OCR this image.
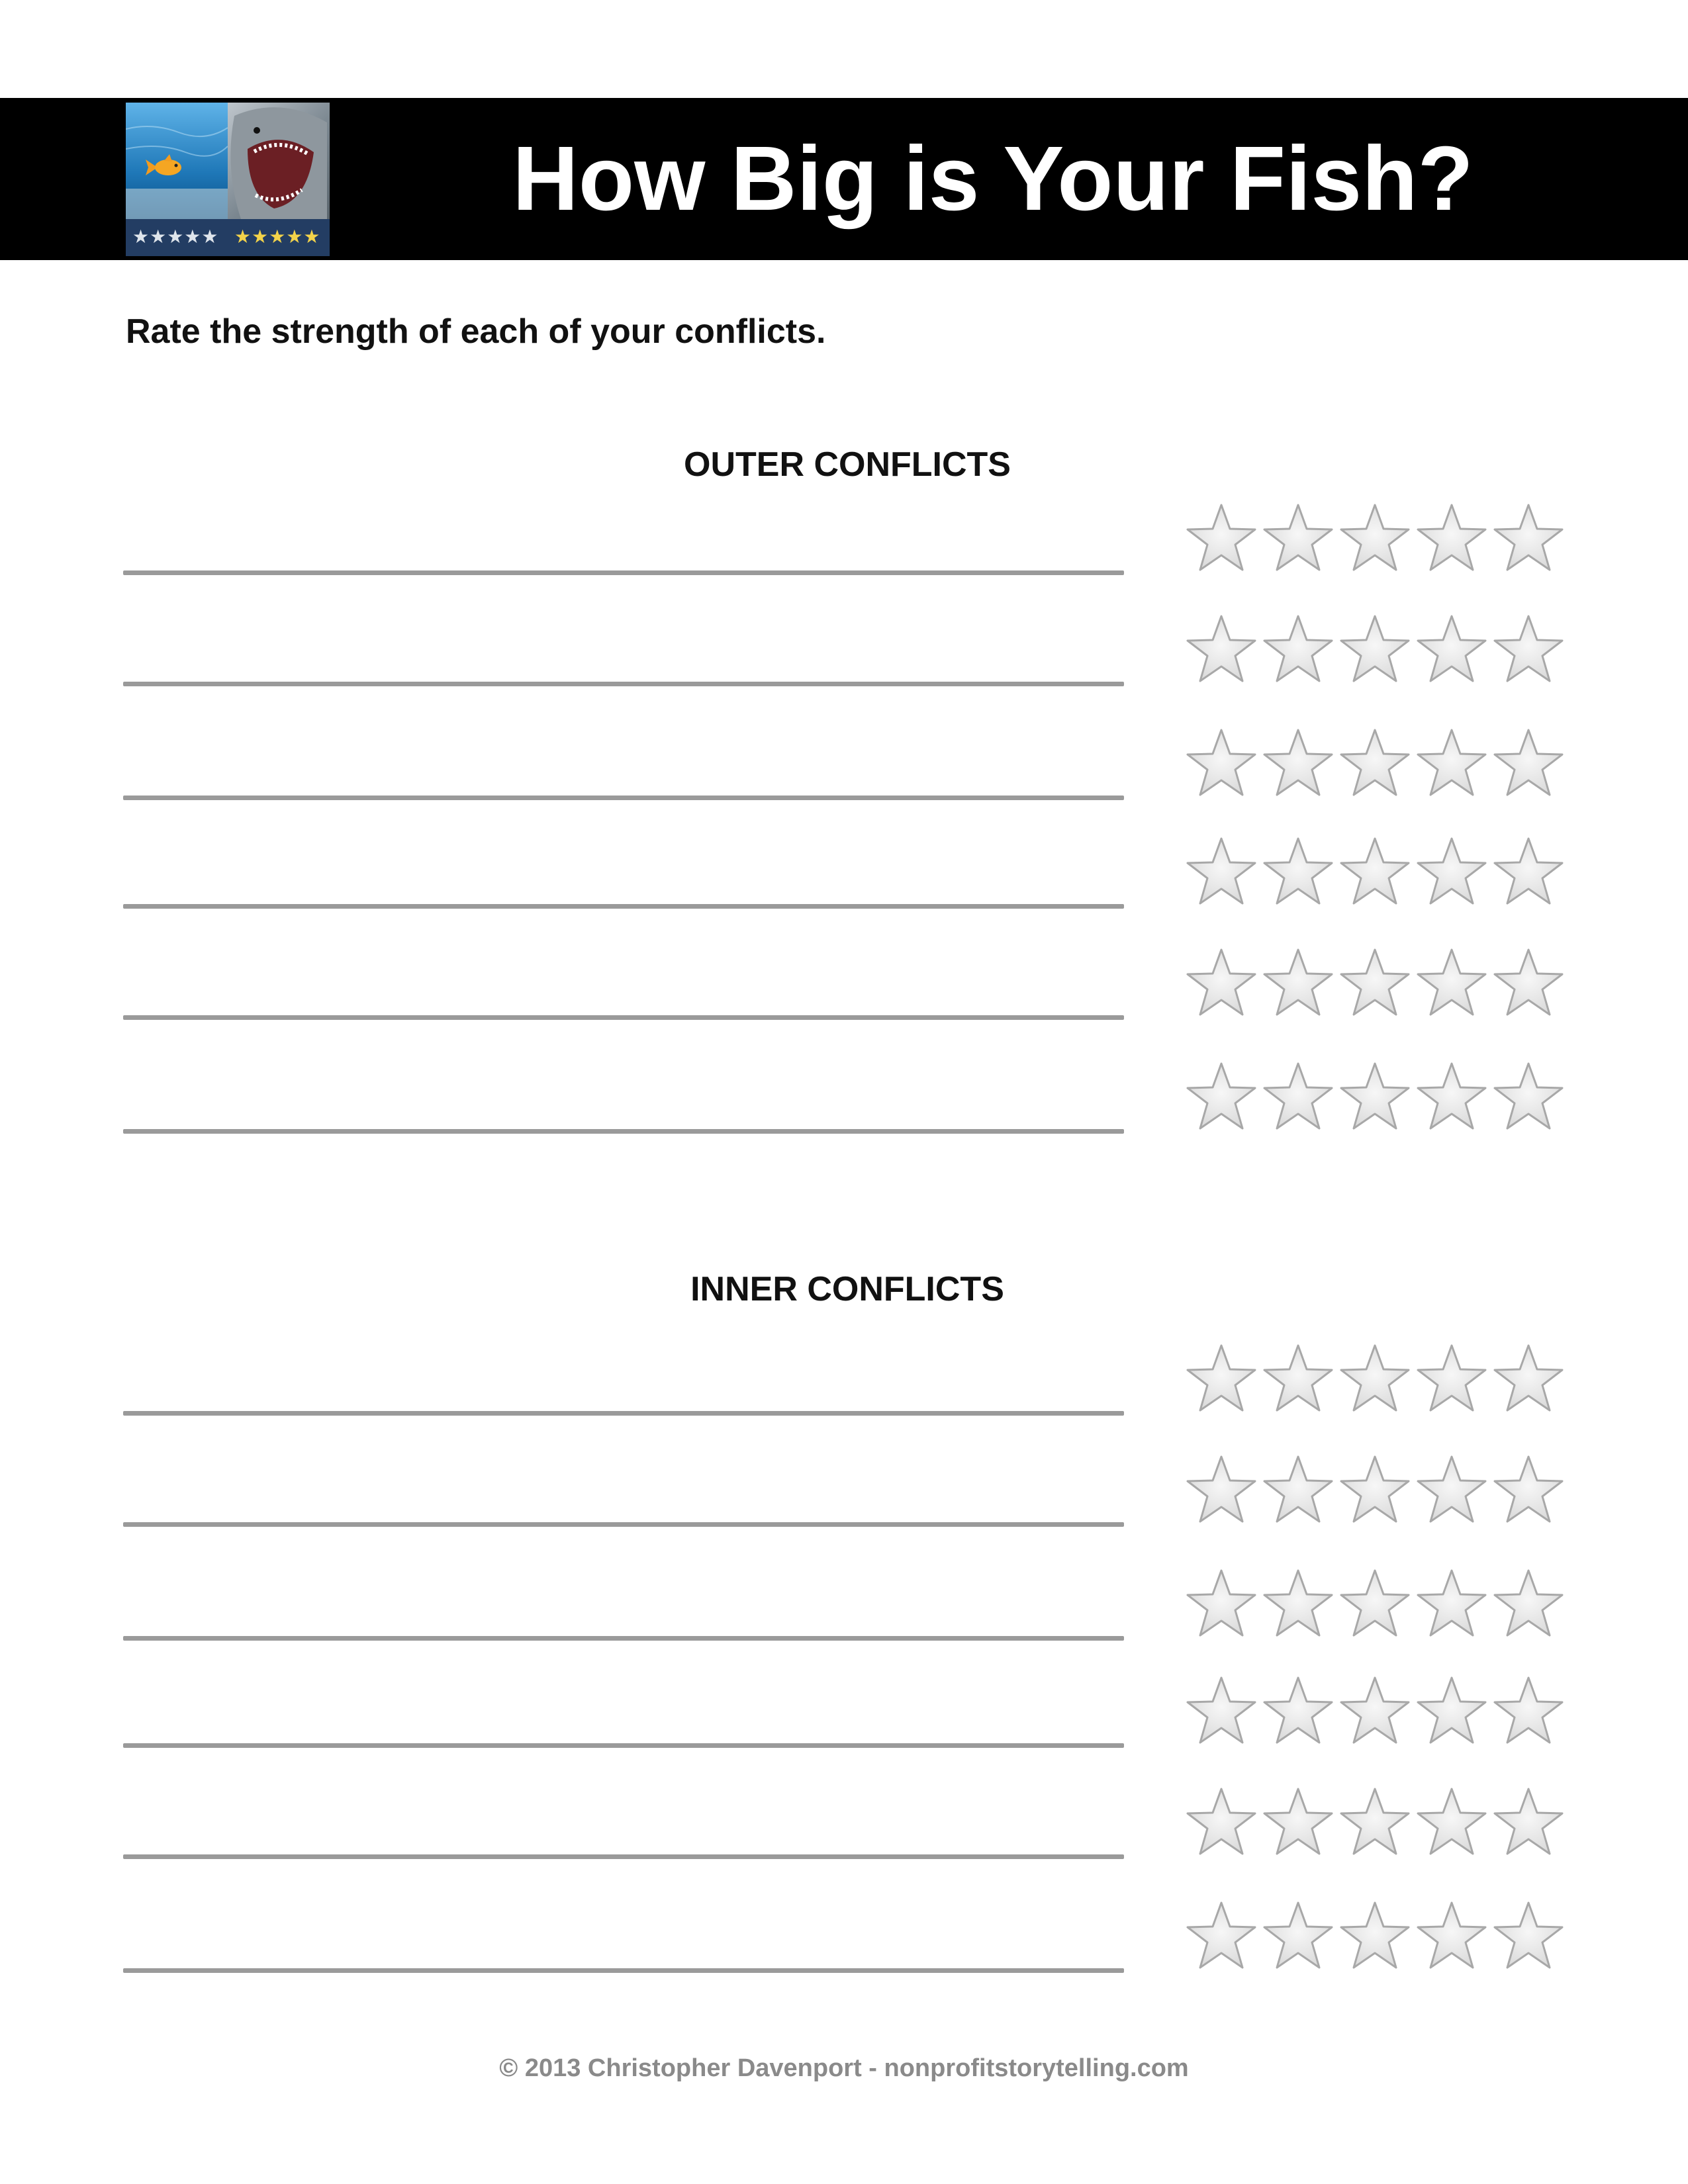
★★★★★ ★★★★★
How Big is Your Fish?

Rate the strength of each of your conflicts.

OUTER CONFLICTS
INNER CONFLICTS

© 2013 Christopher Davenport - nonprofitstorytelling.com
